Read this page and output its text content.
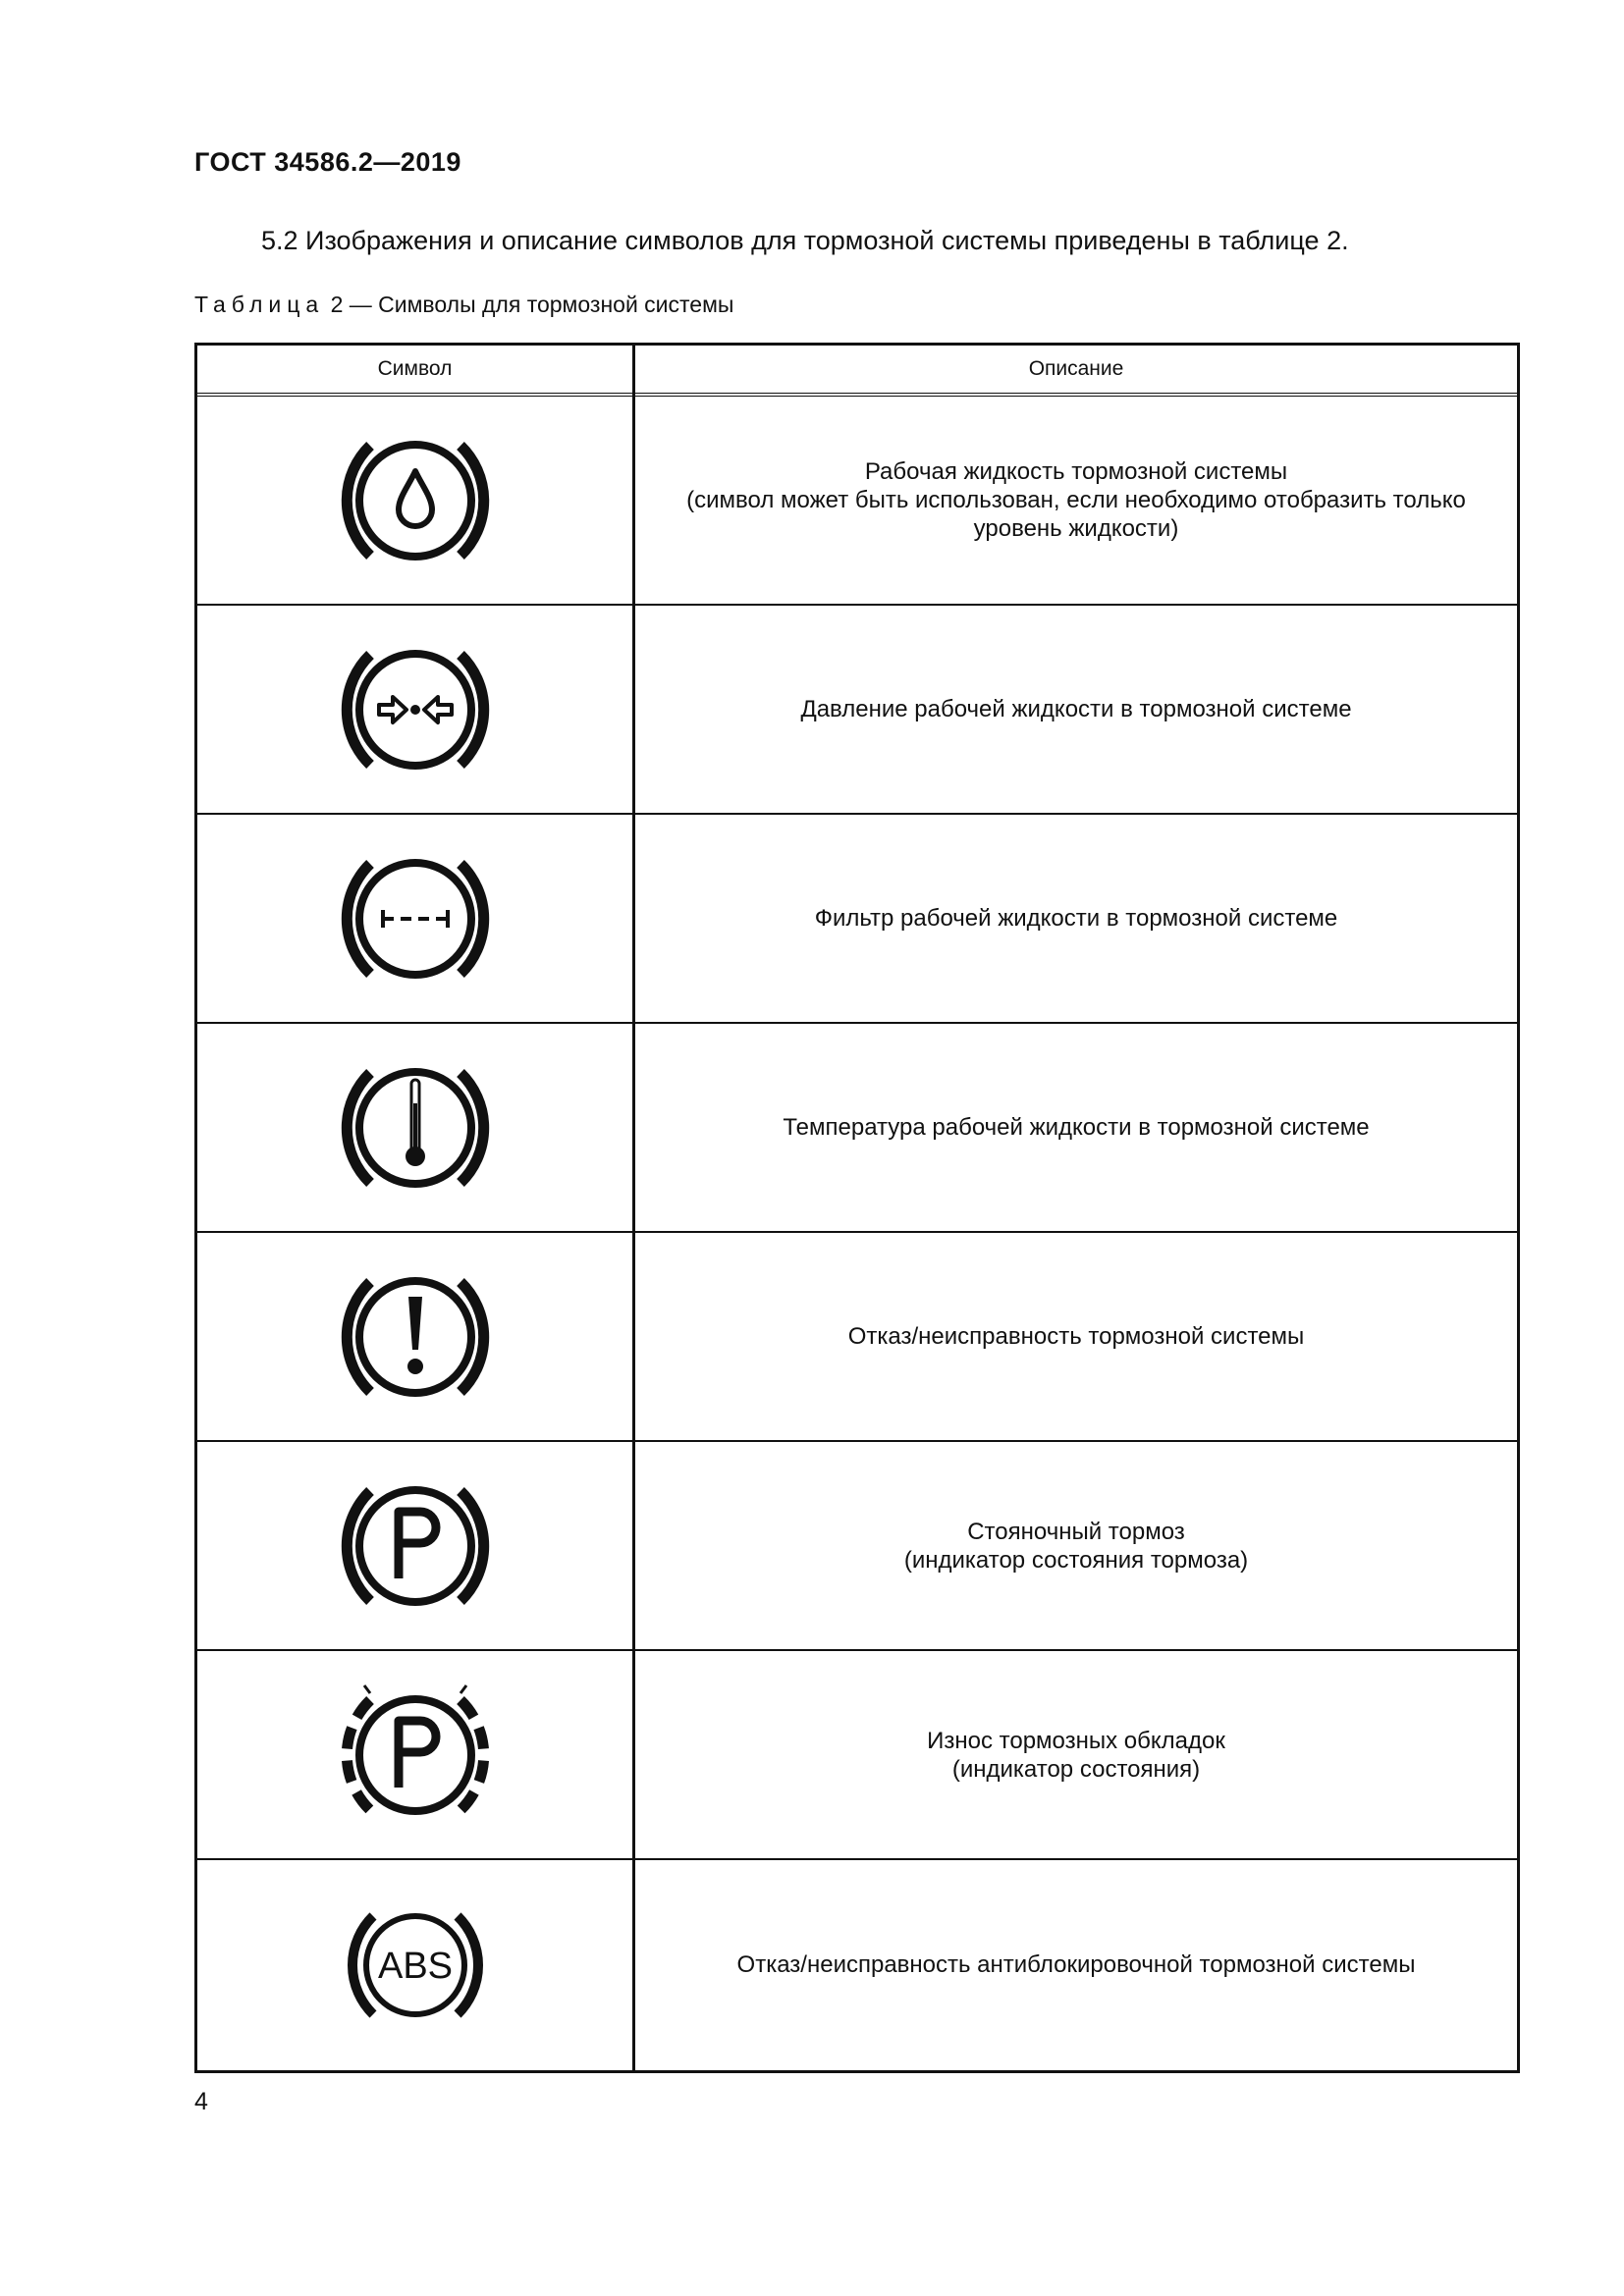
ГОСТ 34586.2—2019
5.2 Изображения и описание символов для тормозной системы приведены в таблице 2.
Таблица 2 — Символы для тормозной системы
Символ	Описание
Рабочая жидкость тормозной системы
(символ может быть использован, если необходимо отобразить только
уровень жидкости)
Давление рабочей жидкости в тормозной системе
Фильтр рабочей жидкости в тормозной системе
Температура рабочей жидкости в тормозной системе
Отказ/неисправность тормозной системы
Стояночный тормоз
(индикатор состояния тормоза)
Износ тормозных обкладок
(индикатор состояния)
ABS	Отказ/неисправность антиблокировочной тормозной системы
4
